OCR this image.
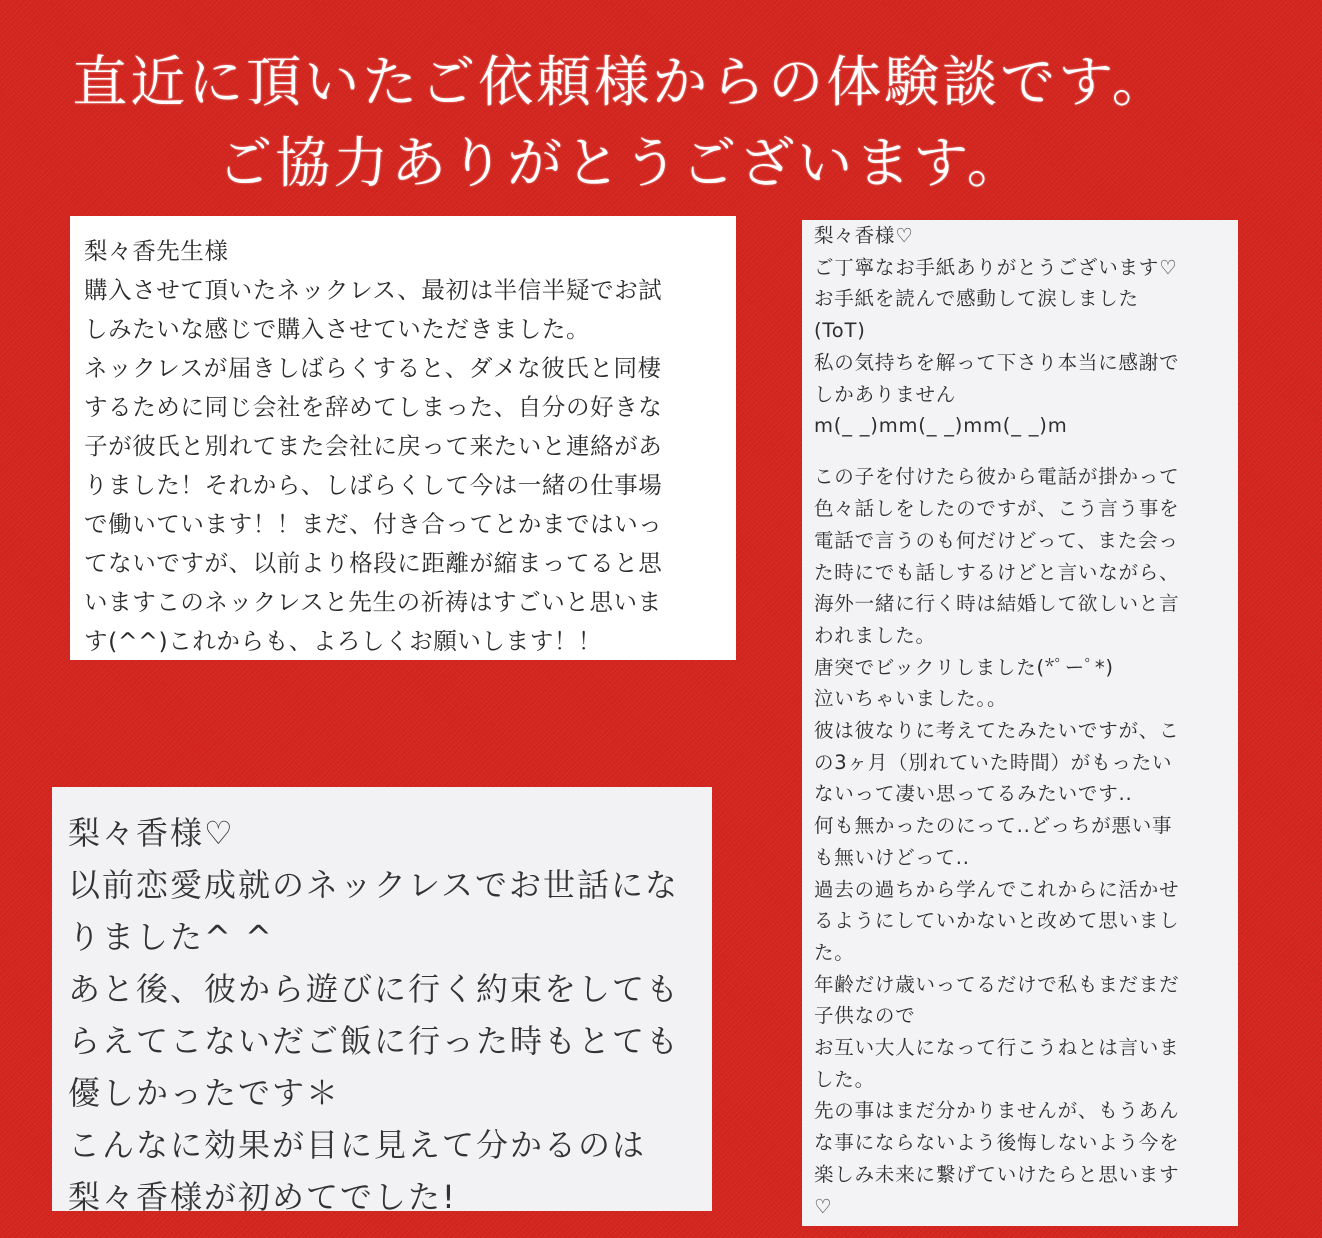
直近に頂いたご依頼様からの体験談です。
ご協力ありがとうございます。
梨々香先生様
購入させて頂いたネックレス、最初は半信半疑でお試
しみたいな感じで購入させていただきました。
ネックレスが届きしばらくすると、ダメな彼氏と同棲
するために同じ会社を辞めてしまった、自分の好きな
子が彼氏と別れてまた会社に戻って来たいと連絡があ
りました！それから、しばらくして今は一緒の仕事場
で働いています！！まだ、付き合ってとかまではいっ
てないですが、以前より格段に距離が縮まってると思
いますこのネックレスと先生の祈祷はすごいと思いま
す(^^)これからも、よろしくお願いします！！
梨々香様♡
以前恋愛成就のネックレスでお世話にな
りました^ ^
あと後、彼から遊びに行く約束をしても
らえてこないだご飯に行った時もとても
優しかったです＊
こんなに効果が目に見えて分かるのは
梨々香様が初めてでした!
梨々香様♡
ご丁寧なお手紙ありがとうございます♡
お手紙を読んで感動して涙しました
(ToT)
私の気持ちを解って下さり本当に感謝で
しかありません
m(_ _)mm(_ _)mm(_ _)m
この子を付けたら彼から電話が掛かって
色々話しをしたのですが、こう言う事を
電話で言うのも何だけどって、また会っ
た時にでも話しするけどと言いながら、
海外一緒に行く時は結婚して欲しいと言
われました。
唐突でビックリしました(*ﾟーﾟ*)
泣いちゃいました。。
彼は彼なりに考えてたみたいですが、こ
の3ヶ月（別れていた時間）がもったい
ないって凄い思ってるみたいです..
何も無かったのにって..どっちが悪い事
も無いけどって..
過去の過ちから学んでこれからに活かせ
るようにしていかないと改めて思いまし
た。
年齢だけ歳いってるだけで私もまだまだ
子供なので
お互い大人になって行こうねとは言いま
した。
先の事はまだ分かりませんが、もうあん
な事にならないよう後悔しないよう今を
楽しみ未来に繋げていけたらと思います
♡
